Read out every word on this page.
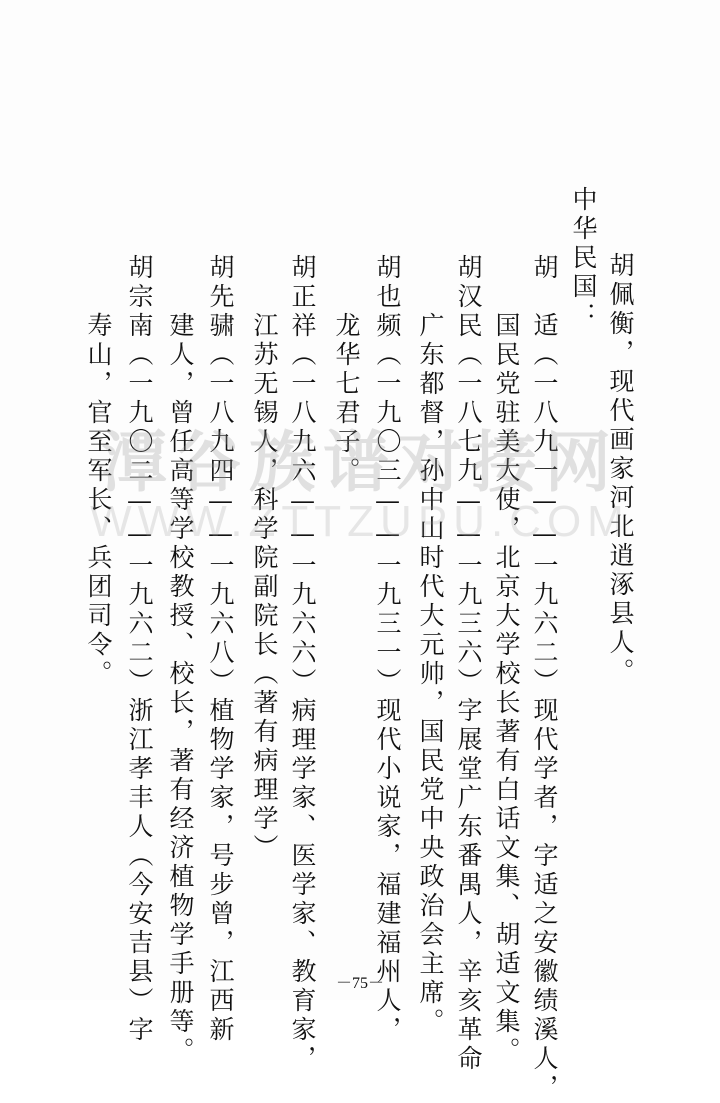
胡佩衡，现代画家河北逍涿县人。
中华民国：
胡　适（一八九一——一九六二）现代学者，字适之安徽绩溪人，
　　国民党驻美大使，北京大学校长著有白话文集、胡适文集。
胡汉民（一八七九——一九三六）字展堂广东番禺人，辛亥革命
　　广东都督，孙中山时代大元帅，国民党中央政治会主席。
胡也频（一九〇三——一九三一）现代小说家，福建福州人，
　　龙华七君子。
胡正祥（一八九六——一九六六）病理学家、医学家、教育家，
　　江苏无锡人，科学院副院长（著有病理学）
胡先骕（一八九四——一九六八）植物学家，号步曾，江西新
　　建人，曾任高等学校教授、校长，著有经济植物学手册等。
胡宗南（一九〇二——一九六二）浙江孝丰人（今安吉县）字
　　寿山，官至军长、兵团司令。
潭谷族谱对接网
WWW.ZTTZUPU.COM
－75－
